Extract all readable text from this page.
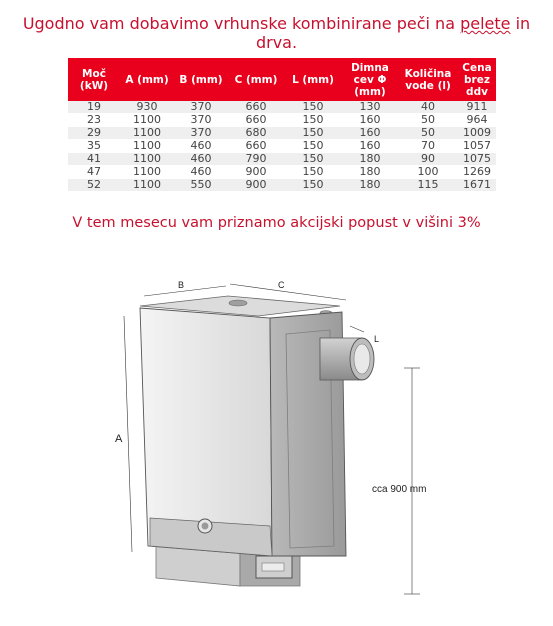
Ugodno vam dobavimo vrhunske kombinirane peči na pelete in drva.
Moč (kW)	A (mm)	B (mm)	C (mm)	L (mm)	Dimna cev Φ (mm)	Količina vode (l)	Cena brez ddv
19	930	370	660	150	130	40	911
23	1100	370	660	150	160	50	964
29	1100	370	680	150	160	50	1009
35	1100	460	660	150	160	70	1057
41	1100	460	790	150	180	90	1075
47	1100	460	900	150	180	100	1269
52	1100	550	900	150	180	115	1671
V tem mesecu vam priznamo akcijski popust v višini 3%
A
B	C
L
cca 900 mm
